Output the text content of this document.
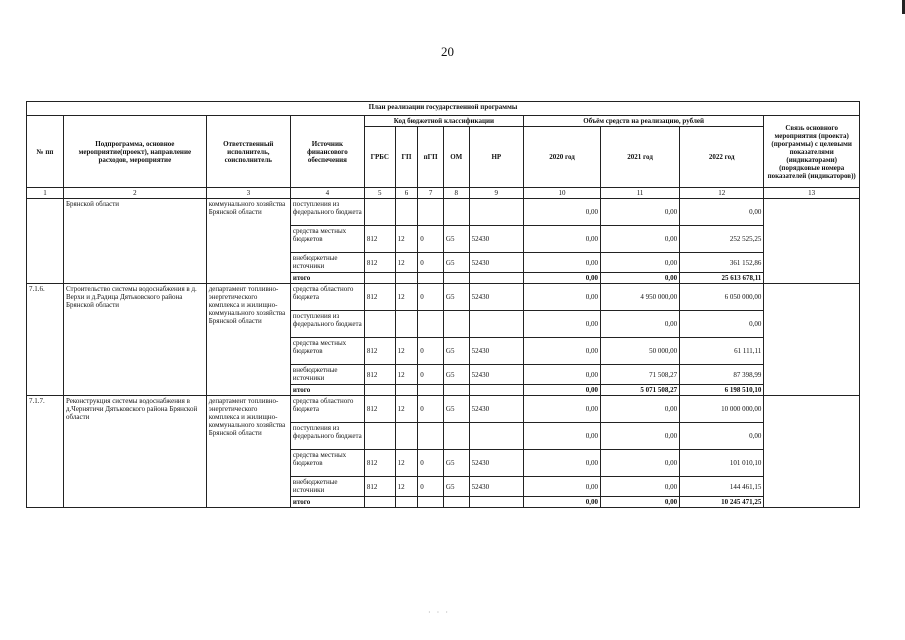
20
· · ·
План реализации государственной программы												
№ пп	Подпрограмма, основное мероприятие(проект), направление расходов, мероприятие	Ответственный исполнитель, соисполнитель	Источник финансового обеспечения	Код бюджетной классификации					Объём средств на реализацию, рублей			Связь основного мероприятия (проекта) (программы) с целевыми показателями (индикаторами) (порядковые номера показателей (индикаторов))
				ГРБС	ГП	пГП	ОМ	НР	2020 год	2021 год	2022 год	
1	2	3	4	5	6	7	8	9	10	11	12	13
	Брянской области	коммунального хозяйства Брянской области	поступления из федерального бюджета						0,00	0,00	0,00	
			средства местных бюджетов	812	12	0	G5	52430	0,00	0,00	252 525,25	
			внебюджетные источники	812	12	0	G5	52430	0,00	0,00	361 152,86	
			итого						0,00	0,00	25 613 678,11	
7.1.6.	Строительство системы водоснабжения в д. Верхи и д.Радица Дятьковского района Брянской области	департамент топливно-энергетического комплекса и жилищно-коммунального хозяйства Брянской области	средства областного бюджета	812	12	0	G5	52430	0,00	4 950 000,00	6 050 000,00	
			поступления из федерального бюджета						0,00	0,00	0,00	
			средства местных бюджетов	812	12	0	G5	52430	0,00	50 000,00	61 111,11	
			внебюджетные источники	812	12	0	G5	52430	0,00	71 508,27	87 398,99	
			итого						0,00	5 071 508,27	6 198 510,10	
7.1.7.	Реконструкция системы водоснабжения в д.Чернятичи Дятьковского района Брянской области	департамент топливно-энергетического комплекса и жилищно-коммунального хозяйства Брянской области	средства областного бюджета	812	12	0	G5	52430	0,00	0,00	10 000 000,00	
			поступления из федерального бюджета						0,00	0,00	0,00	
			средства местных бюджетов	812	12	0	G5	52430	0,00	0,00	101 010,10	
			внебюджетные источники	812	12	0	G5	52430	0,00	0,00	144 461,15	
			итого						0,00	0,00	10 245 471,25	
